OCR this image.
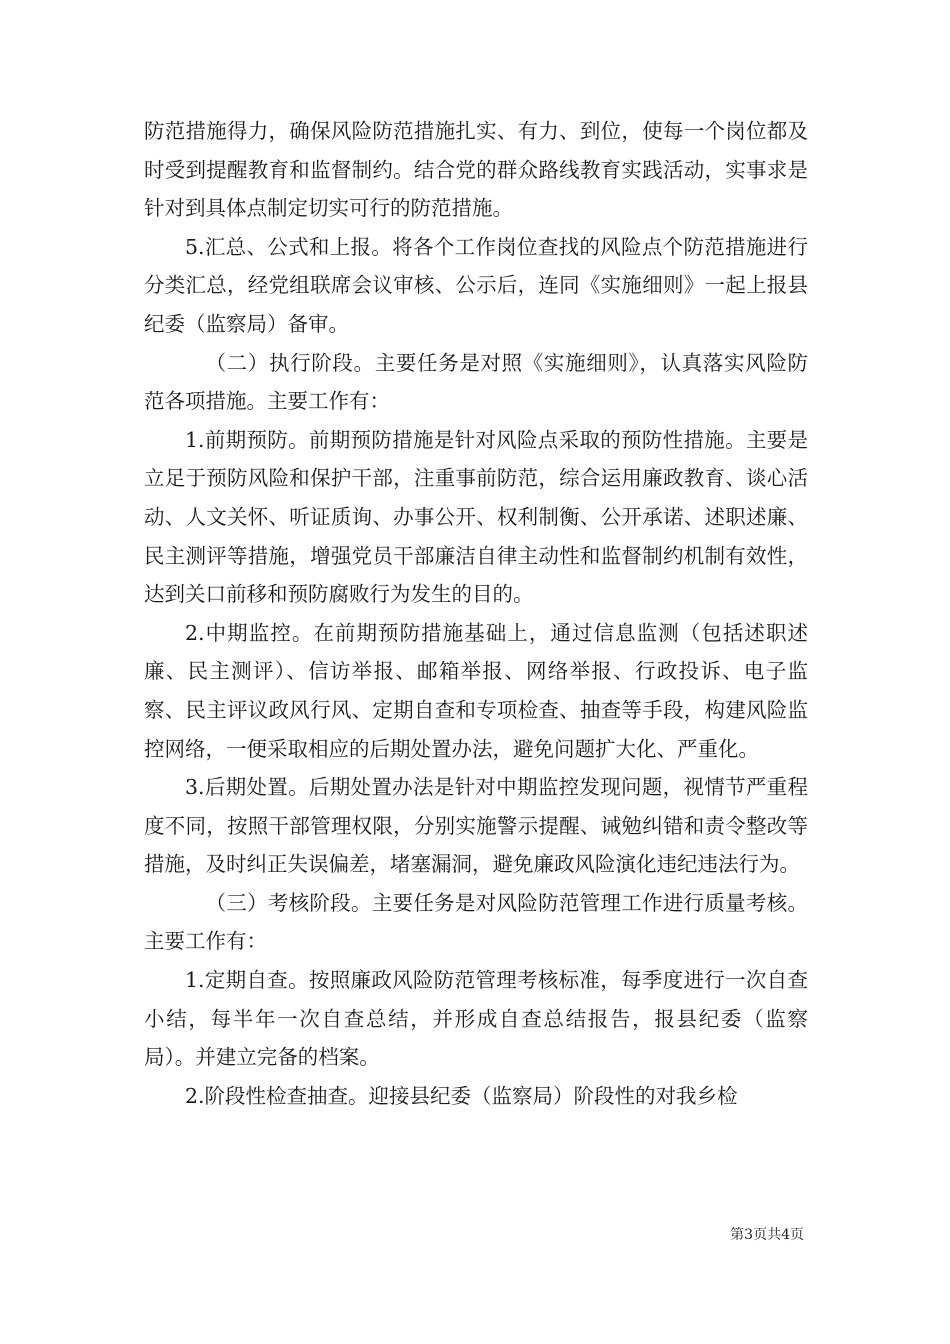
防范措施得力，确保风险防范措施扎实、有力、到位，使每一个岗位都及时受到提醒教育和监督制约。结合党的群众路线教育实践活动，实事求是针对到具体点制定切实可行的防范措施。

5.汇总、公式和上报。将各个工作岗位查找的风险点个防范措施进行分类汇总，经党组联席会议审核、公示后，连同《实施细则》一起上报县纪委（监察局）备审。

（二）执行阶段。主要任务是对照《实施细则》，认真落实风险防范各项措施。主要工作有：

1.前期预防。前期预防措施是针对风险点采取的预防性措施。主要是立足于预防风险和保护干部，注重事前防范，综合运用廉政教育、谈心活动、人文关怀、听证质询、办事公开、权利制衡、公开承诺、述职述廉、民主测评等措施，增强党员干部廉洁自律主动性和监督制约机制有效性，达到关口前移和预防腐败行为发生的目的。

2.中期监控。在前期预防措施基础上，通过信息监测（包括述职述廉、民主测评）、信访举报、邮箱举报、网络举报、行政投诉、电子监察、民主评议政风行风、定期自查和专项检查、抽查等手段，构建风险监控网络，一便采取相应的后期处置办法，避免问题扩大化、严重化。

3.后期处置。后期处置办法是针对中期监控发现问题，视情节严重程度不同，按照干部管理权限，分别实施警示提醒、诫勉纠错和责令整改等措施，及时纠正失误偏差，堵塞漏洞，避免廉政风险演化违纪违法行为。

（三）考核阶段。主要任务是对风险防范管理工作进行质量考核。主要工作有：

1.定期自查。按照廉政风险防范管理考核标准，每季度进行一次自查小结，每半年一次自查总结，并形成自查总结报告，报县纪委（监察局）。并建立完备的档案。

2.阶段性检查抽查。迎接县纪委（监察局）阶段性的对我乡检

第3页共4页
